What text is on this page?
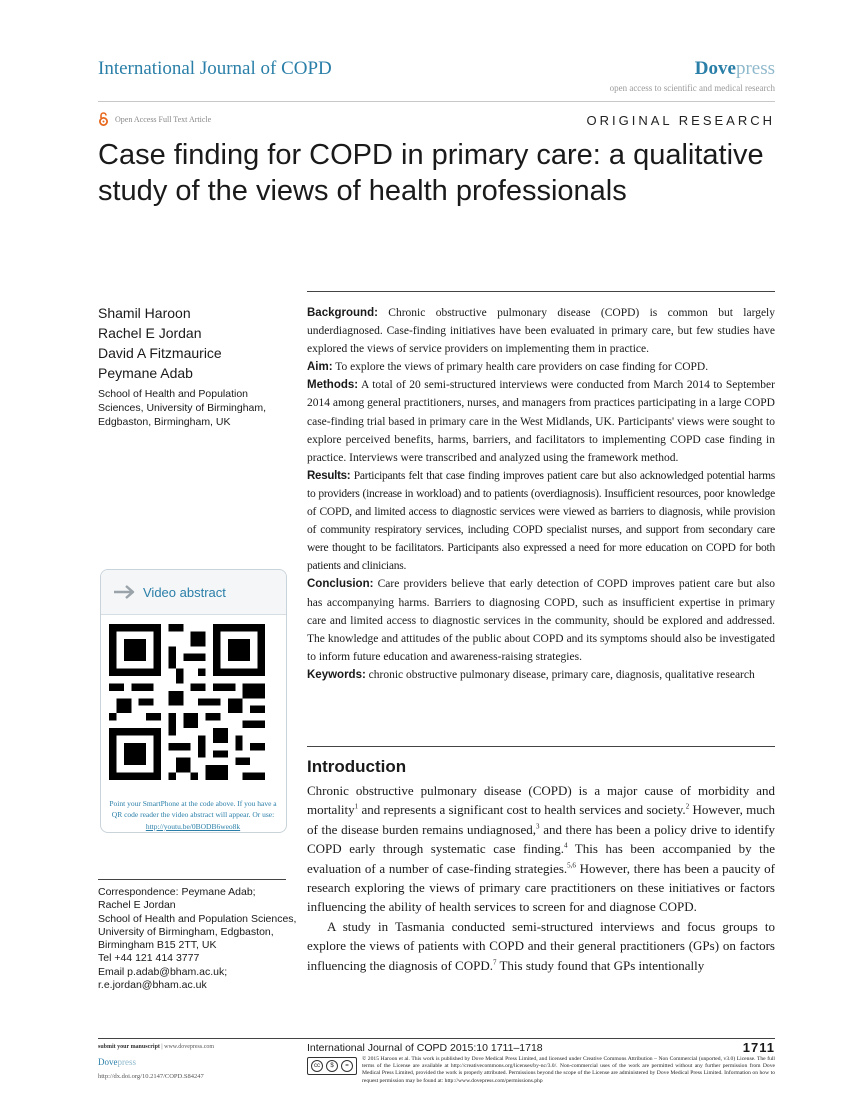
International Journal of COPD	Dovepress
open access to scientific and medical research
Open Access Full Text Article	ORIGINAL RESEARCH
Case finding for COPD in primary care: a qualitative study of the views of health professionals
Shamil Haroon
Rachel E Jordan
David A Fitzmaurice
Peymane Adab
School of Health and Population Sciences, University of Birmingham, Edgbaston, Birmingham, UK

Background: Chronic obstructive pulmonary disease (COPD) is common but largely underdiagnosed. Case-finding initiatives have been evaluated in primary care, but few studies have explored the views of service providers on implementing them in practice.

Aim: To explore the views of primary health care providers on case finding for COPD.

Methods: A total of 20 semi-structured interviews were conducted from March 2014 to September 2014 among general practitioners, nurses, and managers from practices participating in a large COPD case-finding trial based in primary care in the West Midlands, UK. Participants' views were sought to explore perceived benefits, harms, barriers, and facilitators to implementing COPD case finding in practice. Interviews were transcribed and analyzed using the framework method.

Results: Participants felt that case finding improves patient care but also acknowledged potential harms to providers (increase in workload) and to patients (overdiagnosis). Insufficient resources, poor knowledge of COPD, and limited access to diagnostic services were viewed as barriers to diagnosis, while provision of community respiratory services, including COPD specialist nurses, and support from secondary care were thought to be facilitators. Participants also expressed a need for more education on COPD for both patients and clinicians.

Conclusion: Care providers believe that early detection of COPD improves patient care but also has accompanying harms. Barriers to diagnosing COPD, such as insufficient expertise in primary care and limited access to diagnostic services in the community, should be explored and addressed. The knowledge and attitudes of the public about COPD and its symptoms should also be investigated to inform future education and awareness-raising strategies.

Keywords: chronic obstructive pulmonary disease, primary care, diagnosis, qualitative research

Video abstract
Point your SmartPhone at the code above. If you have a QR code reader the video abstract will appear. Or use:
http://youtu.be/0BODB6weo8k
Correspondence: Peymane Adab;
Rachel E Jordan
School of Health and Population Sciences,
University of Birmingham, Edgbaston,
Birmingham B15 2TT, UK
Tel +44 121 414 3777
Email p.adab@bham.ac.uk;
r.e.jordan@bham.ac.uk
Introduction

Chronic obstructive pulmonary disease (COPD) is a major cause of morbidity and mortality$^1$ and represents a significant cost to health services and society.$^2$ However, much of the disease burden remains undiagnosed,$^3$ and there has been a policy drive to identify COPD early through systematic case finding.$^4$ This has been accompanied by the evaluation of a number of case-finding strategies.$^{5,6}$ However, there has been a paucity of research exploring the views of primary care practitioners on these initiatives or factors influencing the ability of health services to screen for and diagnose COPD.

A study in Tasmania conducted semi-structured interviews and focus groups to explore the views of patients with COPD and their general practitioners (GPs) on factors influencing the diagnosis of COPD.$^7$ This study found that GPs intentionally

submit your manuscript | www.dovepress.com
Dovepress
http://dx.doi.org/10.2147/COPD.S84247
International Journal of COPD 2015:10 1711–1718	1711
cc	$	=
© 2015 Haroon et al. This work is published by Dove Medical Press Limited, and licensed under Creative Commons Attribution – Non Commercial (unported, v3.0) License. The full terms of the License are available at http://creativecommons.org/licenses/by-nc/3.0/. Non-commercial uses of the work are permitted without any further permission from Dove Medical Press Limited, provided the work is properly attributed. Permissions beyond the scope of the License are administered by Dove Medical Press Limited. Information on how to request permission may be found at: http://www.dovepress.com/permissions.php
